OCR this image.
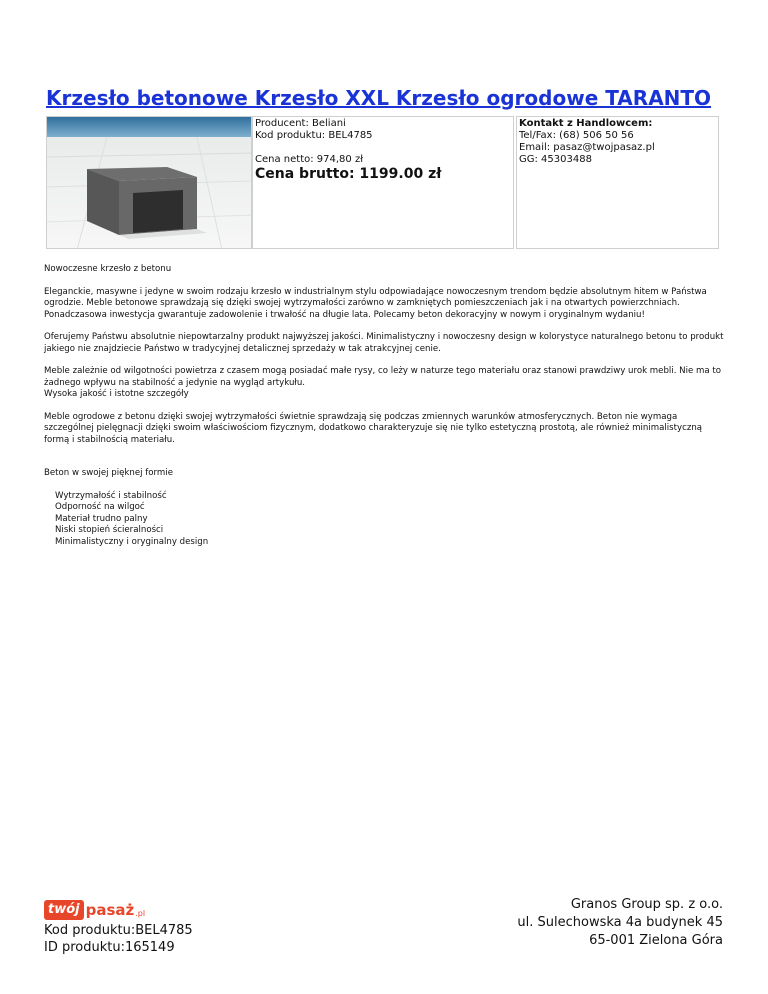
Krzesło betonowe Krzesło XXL Krzesło ogrodowe TARANTO
Producent: Beliani
Kod produktu: BEL4785
Cena netto: 974,80 zł
Cena brutto: 1199.00 zł
Kontakt z Handlowcem:
Tel/Fax: (68) 506 50 56
Email: pasaz@twojpasaz.pl
GG: 45303488

Nowoczesne krzesło z betonu

Eleganckie, masywne i jedyne w swoim rodzaju krzesło w industrialnym stylu odpowiadające nowoczesnym trendom będzie absolutnym hitem w Państwa ogrodzie. Meble betonowe sprawdzają się dzięki swojej wytrzymałości zarówno w zamkniętych pomieszczeniach jak i na otwartych powierzchniach. Ponadczasowa inwestycja gwarantuje zadowolenie i trwałość na długie lata. Polecamy beton dekoracyjny w nowym i oryginalnym wydaniu!

Oferujemy Państwu absolutnie niepowtarzalny produkt najwyższej jakości. Minimalistyczny i nowoczesny design w kolorystyce naturalnego betonu to produkt jakiego nie znajdziecie Państwo w tradycyjnej detalicznej sprzedaży w tak atrakcyjnej cenie.

Meble zależnie od wilgotności powietrza z czasem mogą posiadać małe rysy, co leży w naturze tego materiału oraz stanowi prawdziwy urok mebli. Nie ma to żadnego wpływu na stabilność a jedynie na wygląd artykułu.

Wysoka jakość i istotne szczegóły

Meble ogrodowe z betonu dzięki swojej wytrzymałości świetnie sprawdzają się podczas zmiennych warunków atmosferycznych. Beton nie wymaga szczególnej pielęgnacji dzięki swoim właściwościom fizycznym, dodatkowo charakteryzuje się nie tylko estetyczną prostotą, ale również minimalistyczną formą i stabilnością materiału.

Beton w swojej pięknej formie

Wytrzymałość i stabilność
Odporność na wilgoć
Materiał trudno palny
Niski stopień ścieralności
Minimalistyczny i oryginalny design
twój pasaż .pl
Kod produktu:BEL4785
ID produktu:165149
Granos Group sp. z o.o.
ul. Sulechowska 4a budynek 45
65-001 Zielona Góra
